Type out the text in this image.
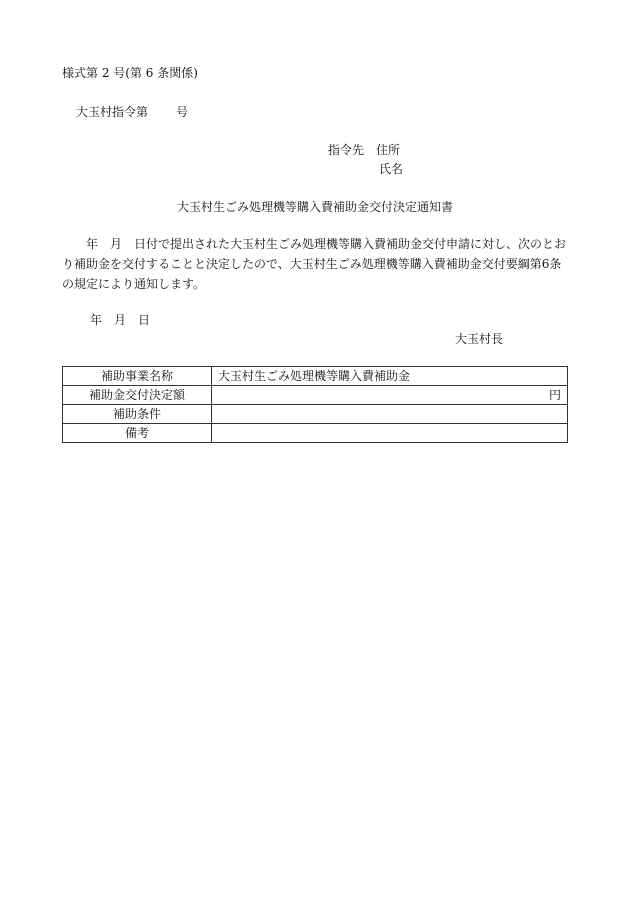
様式第 2 号(第 6 条関係)
大玉村指令第 号
指令先　住所
氏名
大玉村生ごみ処理機等購入費補助金交付決定通知書
　　年　月　日付で提出された大玉村生ごみ処理機等購入費補助金交付申請に対し、次のとおり補助金を交付することと決定したので、大玉村生ごみ処理機等購入費補助金交付要綱第6条の規定により通知します。
年　月　日
大玉村長
補助事業名称	大玉村生ごみ処理機等購入費補助金
補助金交付決定額	円
補助条件	
備考	
